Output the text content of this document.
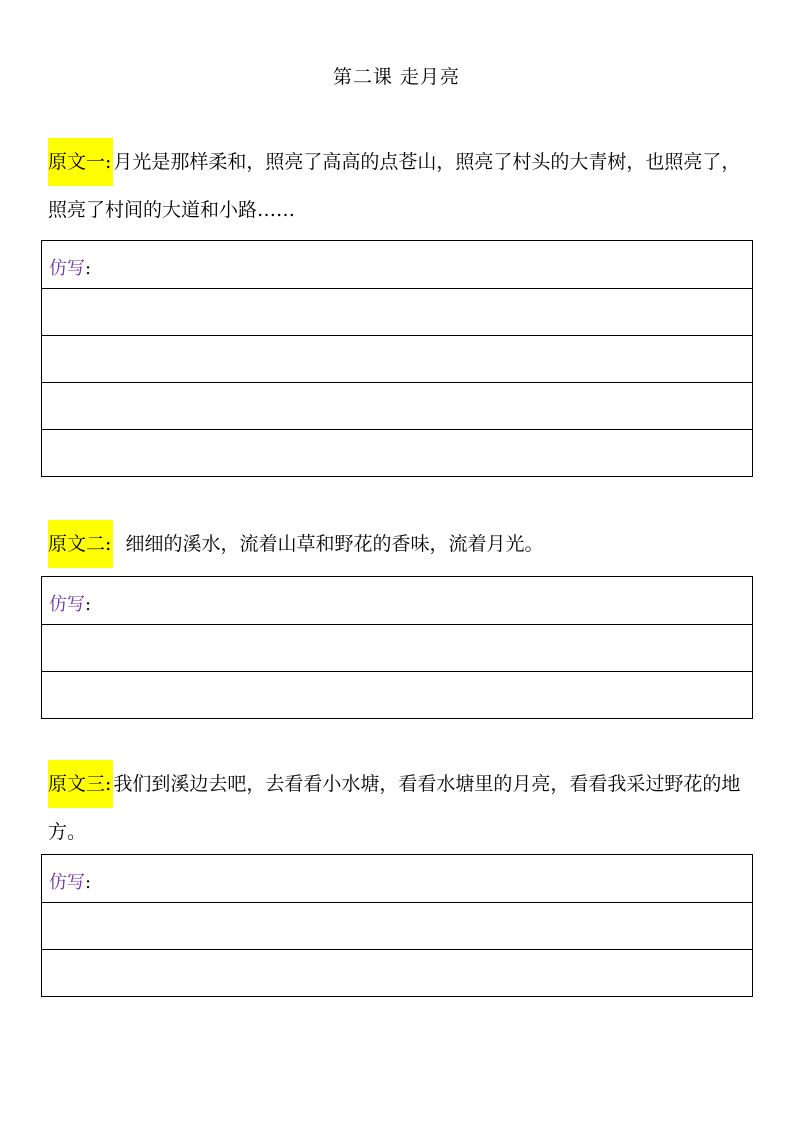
第二课 走月亮
原文一: 月光是那样柔和，照亮了高高的点苍山，照亮了村头的大青树，也照亮了，照亮了村间的大道和小路……
仿写:
原文二:  细细的溪水，流着山草和野花的香味，流着月光。
仿写:
原文三: 我们到溪边去吧，去看看小水塘，看看水塘里的月亮，看看我采过野花的地方。
仿写:
